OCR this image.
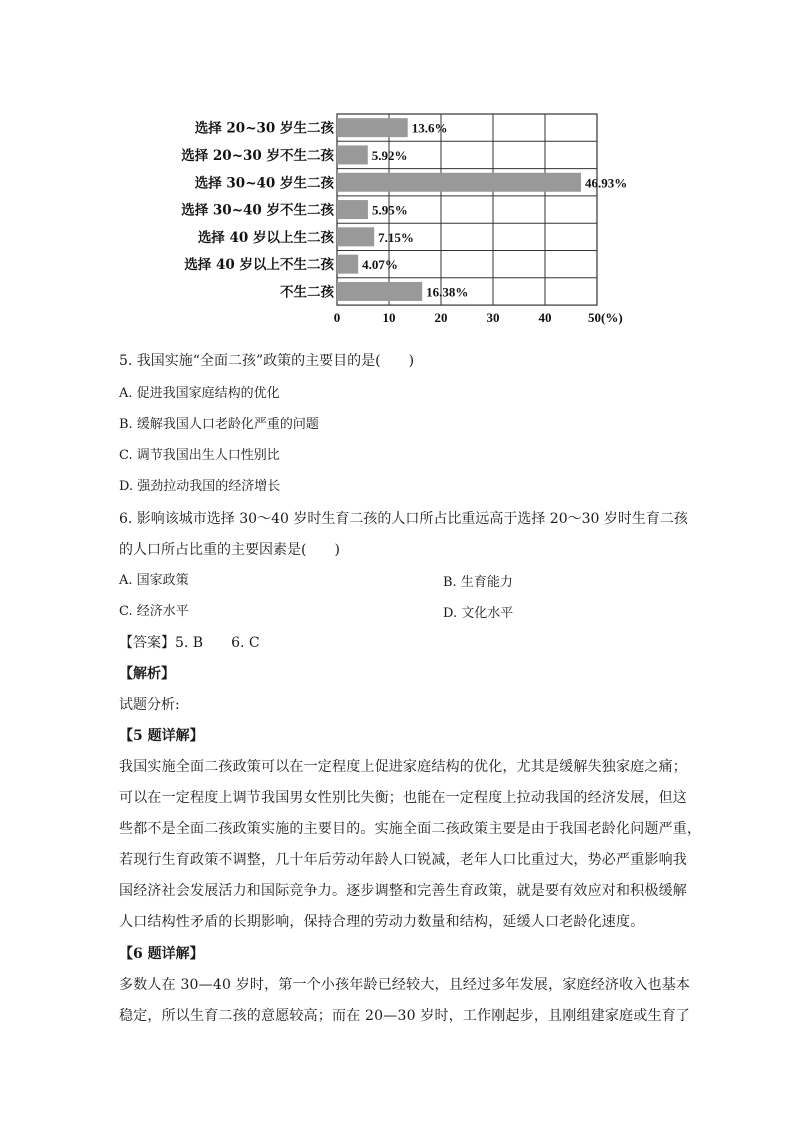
选择 20~30 岁生二孩
选择 20~30 岁不生二孩
选择 30~40 岁生二孩
选择 30~40 岁不生二孩
选择 40 岁以上生二孩
选择 40 岁以上不生二孩
不生二孩
13.6%
5.92%
46.93%
5.95%
7.15%
4.07%
16.38%
0	10	20	30	40	50(%)
5. 我国实施“全面二孩”政策的主要目的是(　　)
A. 促进我国家庭结构的优化
B. 缓解我国人口老龄化严重的问题
C. 调节我国出生人口性别比
D. 强劲拉动我国的经济增长
6. 影响该城市选择 30～40 岁时生育二孩的人口所占比重远高于选择 20～30 岁时生育二孩
的人口所占比重的主要因素是(　　)
A. 国家政策	B. 生育能力
C. 经济水平	D. 文化水平
【答案】5. B　　6. C
【解析】
试题分析:
【5 题详解】
我国实施全面二孩政策可以在一定程度上促进家庭结构的优化，尤其是缓解失独家庭之痛；
可以在一定程度上调节我国男女性别比失衡；也能在一定程度上拉动我国的经济发展，但这
些都不是全面二孩政策实施的主要目的。实施全面二孩政策主要是由于我国老龄化问题严重，
若现行生育政策不调整，几十年后劳动年龄人口锐减，老年人口比重过大，势必严重影响我
国经济社会发展活力和国际竞争力。逐步调整和完善生育政策，就是要有效应对和积极缓解
人口结构性矛盾的长期影响，保持合理的劳动力数量和结构，延缓人口老龄化速度。
【6 题详解】
多数人在 30—40 岁时，第一个小孩年龄已经较大，且经过多年发展，家庭经济收入也基本
稳定，所以生育二孩的意愿较高；而在 20—30 岁时，工作刚起步，且刚组建家庭或生育了
